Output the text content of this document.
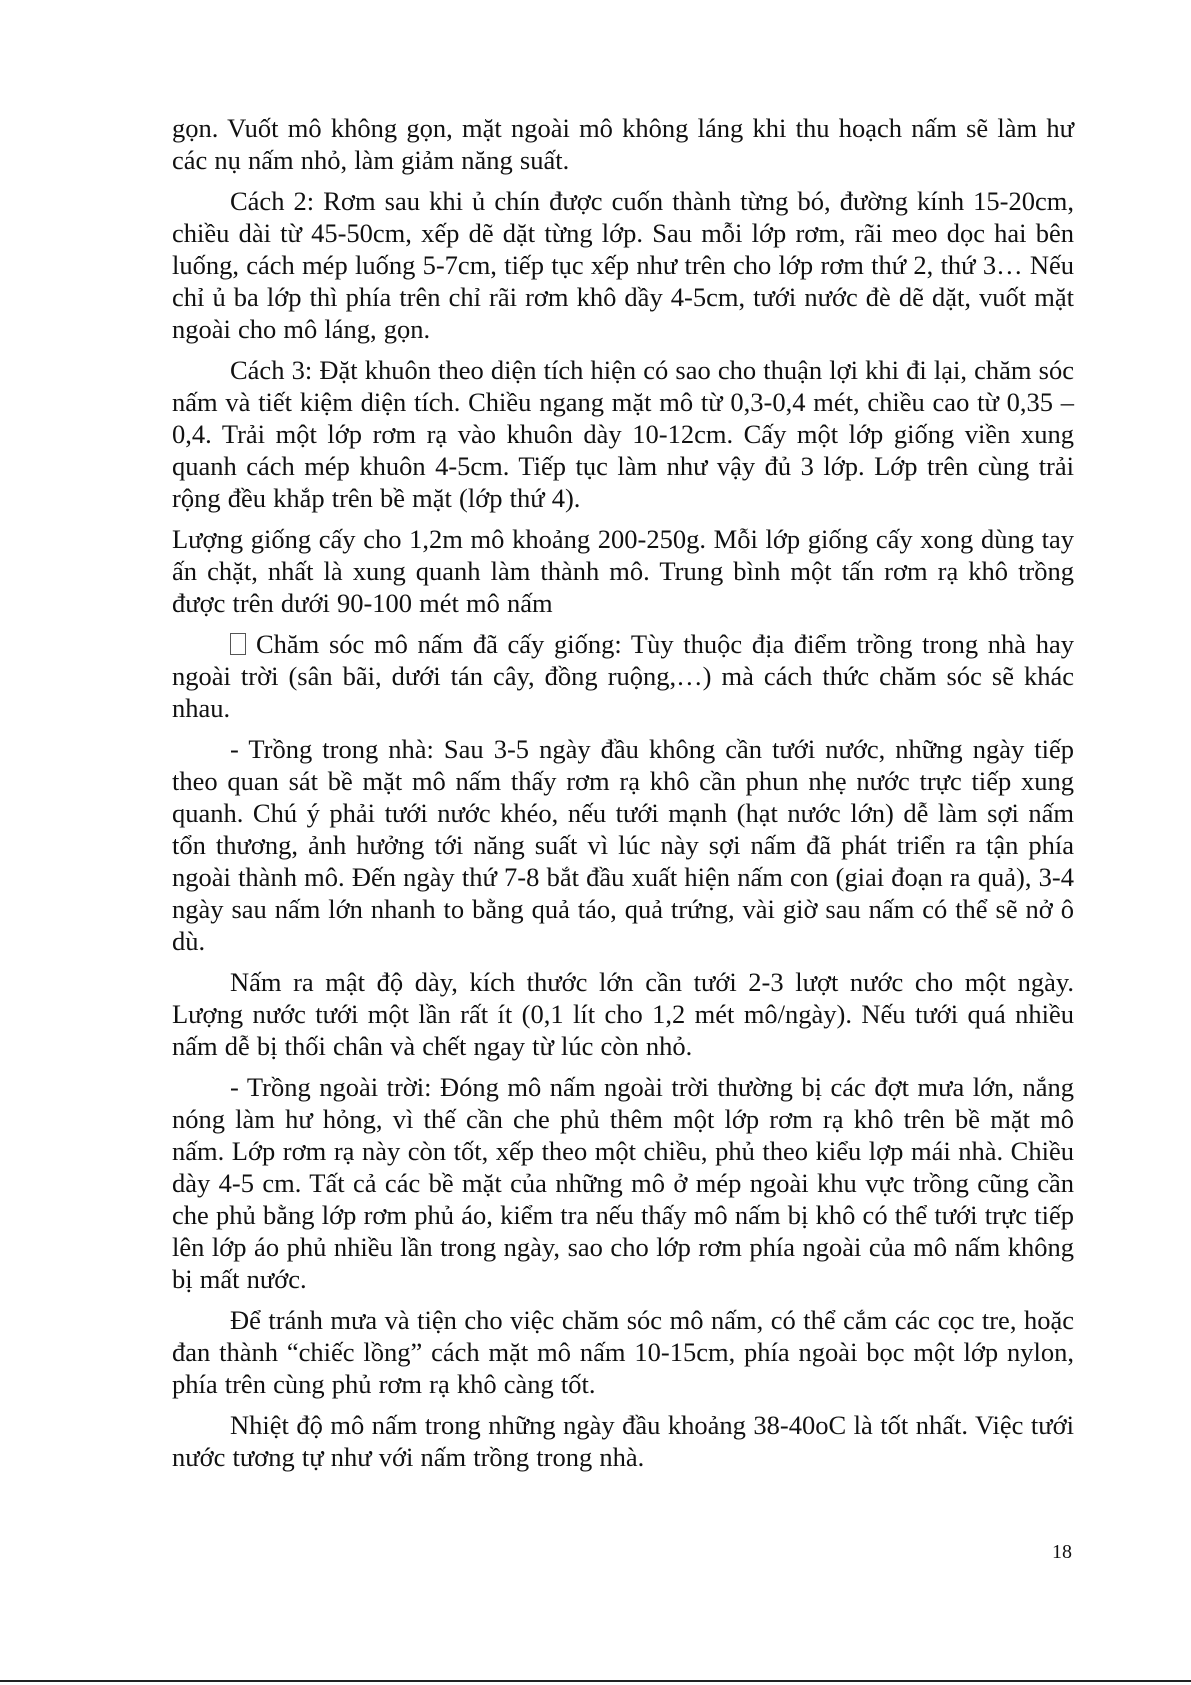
gọn. Vuốt mô không gọn, mặt ngoài mô không láng khi thu hoạch nấm sẽ làm hư các nụ nấm nhỏ, làm giảm năng suất.

Cách 2: Rơm sau khi ủ chín được cuốn thành từng bó, đường kính 15-20cm, chiều dài từ 45-50cm, xếp dẽ dặt từng lớp. Sau mỗi lớp rơm, rãi meo dọc hai bên luống, cách mép luống 5-7cm, tiếp tục xếp như trên cho lớp rơm thứ 2, thứ 3… Nếu chỉ ủ ba lớp thì phía trên chỉ rãi rơm khô dầy 4-5cm, tưới nước đè dẽ dặt, vuốt mặt ngoài cho mô láng, gọn.

Cách 3: Đặt khuôn theo diện tích hiện có sao cho thuận lợi khi đi lại, chăm sóc nấm và tiết kiệm diện tích. Chiều ngang mặt mô từ 0,3-0,4 mét, chiều cao từ 0,35 – 0,4. Trải một lớp rơm rạ vào khuôn dày 10-12cm. Cấy một lớp giống viền xung quanh cách mép khuôn 4-5cm. Tiếp tục làm như vậy đủ 3 lớp. Lớp trên cùng trải rộng đều khắp trên bề mặt (lớp thứ 4).

Lượng giống cấy cho 1,2m mô khoảng 200-250g. Mỗi lớp giống cấy xong dùng tay ấn chặt, nhất là xung quanh làm thành mô. Trung bình một tấn rơm rạ khô trồng được trên dưới 90-100 mét mô nấm

Chăm sóc mô nấm đã cấy giống: Tùy thuộc địa điểm trồng trong nhà hay ngoài trời (sân bãi, dưới tán cây, đồng ruộng,…) mà cách thức chăm sóc sẽ khác nhau.

- Trồng trong nhà: Sau 3-5 ngày đầu không cần tưới nước, những ngày tiếp theo quan sát bề mặt mô nấm thấy rơm rạ khô cần phun nhẹ nước trực tiếp xung quanh. Chú ý phải tưới nước khéo, nếu tưới mạnh (hạt nước lớn) dễ làm sợi nấm tổn thương, ảnh hưởng tới năng suất vì lúc này sợi nấm đã phát triển ra tận phía ngoài thành mô. Đến ngày thứ 7-8 bắt đầu xuất hiện nấm con (giai đoạn ra quả), 3-4 ngày sau nấm lớn nhanh to bằng quả táo, quả trứng, vài giờ sau nấm có thể sẽ nở ô dù.

Nấm ra mật độ dày, kích thước lớn cần tưới 2-3 lượt nước cho một ngày. Lượng nước tưới một lần rất ít (0,1 lít cho 1,2 mét mô/ngày). Nếu tưới quá nhiều nấm dễ bị thối chân và chết ngay từ lúc còn nhỏ.

- Trồng ngoài trời: Đóng mô nấm ngoài trời thường bị các đợt mưa lớn, nắng nóng làm hư hỏng, vì thế cần che phủ thêm một lớp rơm rạ khô trên bề mặt mô nấm. Lớp rơm rạ này còn tốt, xếp theo một chiều, phủ theo kiểu lợp mái nhà. Chiều dày 4-5 cm. Tất cả các bề mặt của những mô ở mép ngoài khu vực trồng cũng cần che phủ bằng lớp rơm phủ áo, kiểm tra nếu thấy mô nấm bị khô có thể tưới trực tiếp lên lớp áo phủ nhiều lần trong ngày, sao cho lớp rơm phía ngoài của mô nấm không bị mất nước.

Để tránh mưa và tiện cho việc chăm sóc mô nấm, có thể cắm các cọc tre, hoặc đan thành “chiếc lồng” cách mặt mô nấm 10-15cm, phía ngoài bọc một lớp nylon, phía trên cùng phủ rơm rạ khô càng tốt.

Nhiệt độ mô nấm trong những ngày đầu khoảng 38-40oC là tốt nhất. Việc tưới nước tương tự như với nấm trồng trong nhà.

18
